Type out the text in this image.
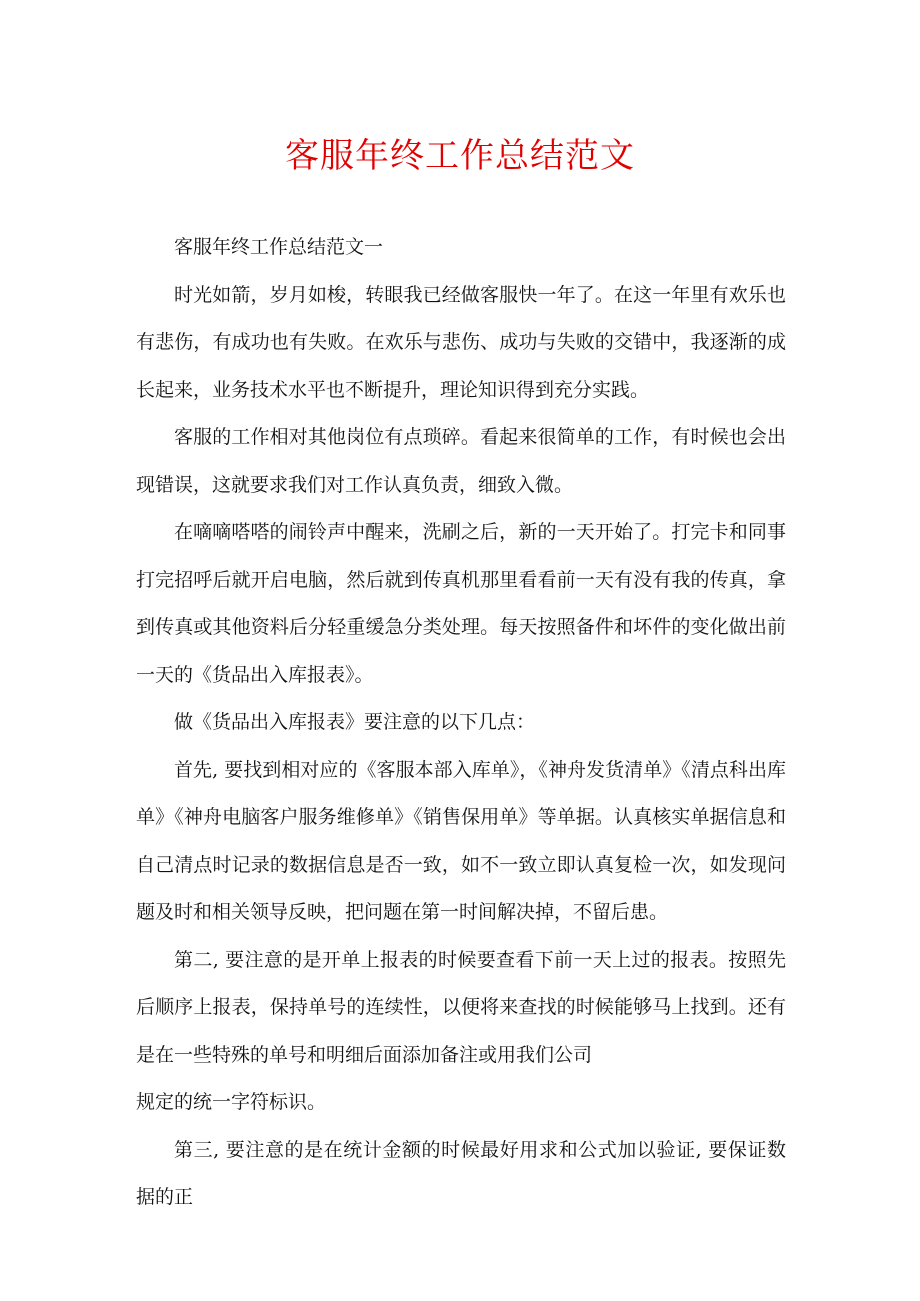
客服年终工作总结范文

客服年终工作总结范文一

时光如箭，岁月如梭，转眼我已经做客服快一年了。在这一年里有欢乐也有悲伤，有成功也有失败。在欢乐与悲伤、成功与失败的交错中，我逐渐的成长起来，业务技术水平也不断提升，理论知识得到充分实践。

客服的工作相对其他岗位有点琐碎。看起来很简单的工作，有时候也会出现错误，这就要求我们对工作认真负责，细致入微。

在嘀嘀嗒嗒的闹铃声中醒来，洗刷之后，新的一天开始了。打完卡和同事打完招呼后就开启电脑，然后就到传真机那里看看前一天有没有我的传真，拿到传真或其他资料后分轻重缓急分类处理。每天按照备件和坏件的变化做出前一天的《货品出入库报表》。

做《货品出入库报表》要注意的以下几点：

首先, 要找到相对应的《客服本部入库单》，《神舟发货清单》《清点科出库单》《神舟电脑客户服务维修单》《销售保用单》等单据。认真核实单据信息和自己清点时记录的数据信息是否一致，如不一致立即认真复检一次，如发现问题及时和相关领导反映，把问题在第一时间解决掉，不留后患。

第二, 要注意的是开单上报表的时候要查看下前一天上过的报表。按照先后顺序上报表，保持单号的连续性，以便将来查找的时候能够马上找到。还有是在一些特殊的单号和明细后面添加备注或用我们公司

规定的统一字符标识。

第三, 要注意的是在统计金额的时候最好用求和公式加以验证, 要保证数据的正
